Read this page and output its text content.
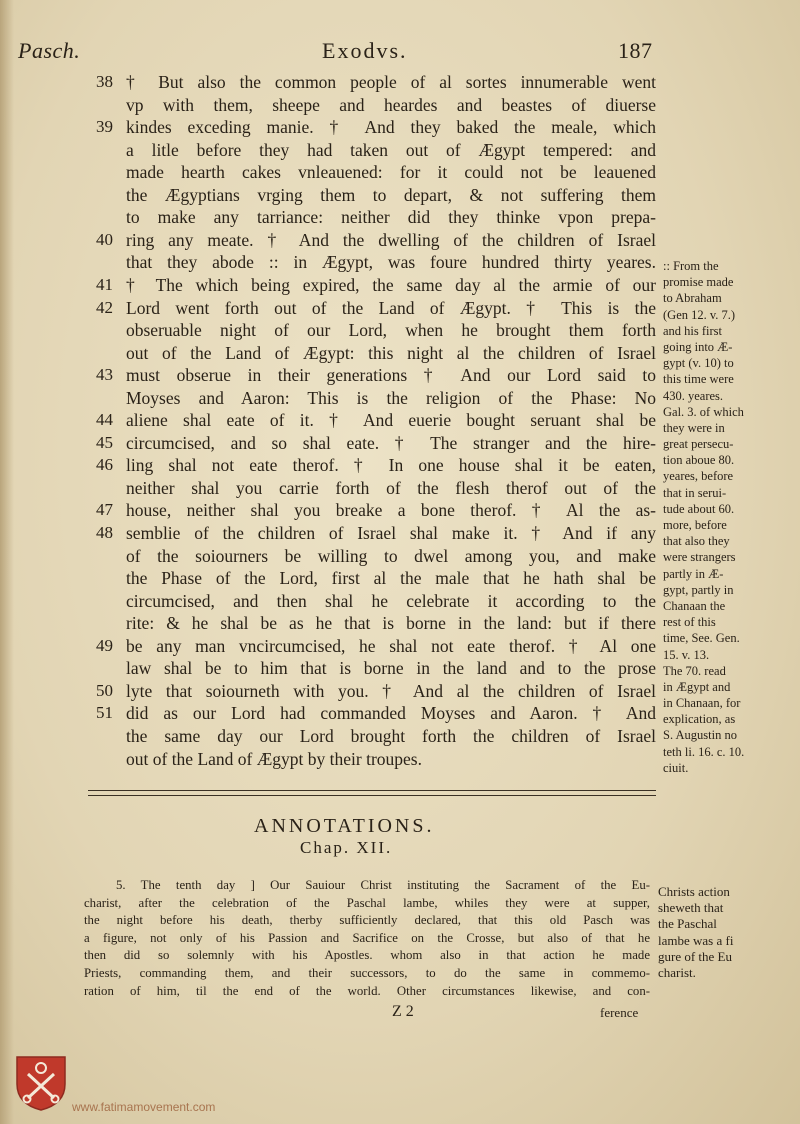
Pasch.	Exodvs.	187
38 † But also the common people of al sortes innumerable went
vp with them, sheepe and heardes and beastes of diuerse
39 kindes exceding manie. † And they baked the meale, which
a litle before they had taken out of Ægypt tempered: and
made hearth cakes vnleauened: for it could not be leauened
the Ægyptians vrging them to depart, & not suffering them
to make any tarriance: neither did they thinke vpon prepa-
40 ring any meate. † And the dwelling of the children of Israel
that they abode :: in Ægypt, was foure hundred thirty yeares.
41 † The which being expired, the same day al the armie of our
42 Lord went forth out of the Land of Ægypt. † This is the
obseruable night of our Lord, when he brought them forth
out of the Land of Ægypt: this night al the children of Israel
43 must obserue in their generations † And our Lord said to
Moyses and Aaron: This is the religion of the Phase: No
44 aliene shal eate of it. † And euerie bought seruant shal be
45 circumcised, and so shal eate. † The stranger and the hire-
46 ling shal not eate therof. † In one house shal it be eaten,
neither shal you carrie forth of the flesh therof out of the
47 house, neither shal you breake a bone therof. † Al the as-
48 semblie of the children of Israel shal make it. † And if any
of the soiourners be willing to dwel among you, and make
the Phase of the Lord, first al the male that he hath shal be
circumcised, and then shal he celebrate it according to the
rite: & he shal be as he that is borne in the land: but if there
49 be any man vncircumcised, he shal not eate therof. † Al one
law shal be to him that is borne in the land and to the prose
50 lyte that soiourneth with you. † And al the children of Israel
51 did as our Lord had commanded Moyses and Aaron. † And
the same day our Lord brought forth the children of Israel
out of the Land of Ægypt by their troupes.
:: From the
promise made
to Abraham
(Gen 12. v. 7.)
and his first
going into Æ-
gypt (v. 10) to
this time were
430. yeares.
Gal. 3. of which
they were in
great persecu-
tion aboue 80.
yeares, before
that in serui-
tude about 60.
more, before
that also they
were strangers
partly in Æ-
gypt, partly in
Chanaan the
rest of this
time, See. Gen.
15. v. 13.
The 70. read
in Ægypt and
in Chanaan, for
explication, as
S. Augustin no
teth li. 16. c. 10.
ciuit.
ANNOTATIONS.
Chap. XII.
5. The tenth day ] Our Sauiour Christ instituting the Sacrament of the Eu-
charist, after the celebration of the Paschal lambe, whiles they were at supper,
the night before his death, therby sufficiently declared, that this old Pasch was
a figure, not only of his Passion and Sacrifice on the Crosse, but also of that he
then did so solemnly with his Apostles. whom also in that action he made
Priests, commanding them, and their successors, to do the same in commemo-
ration of him, til the end of the world. Other circumstances likewise, and con-
Christs action
sheweth that
the Paschal
lambe was a fi
gure of the Eu
charist.
Z 2	ference
www.fatimamovement.com
